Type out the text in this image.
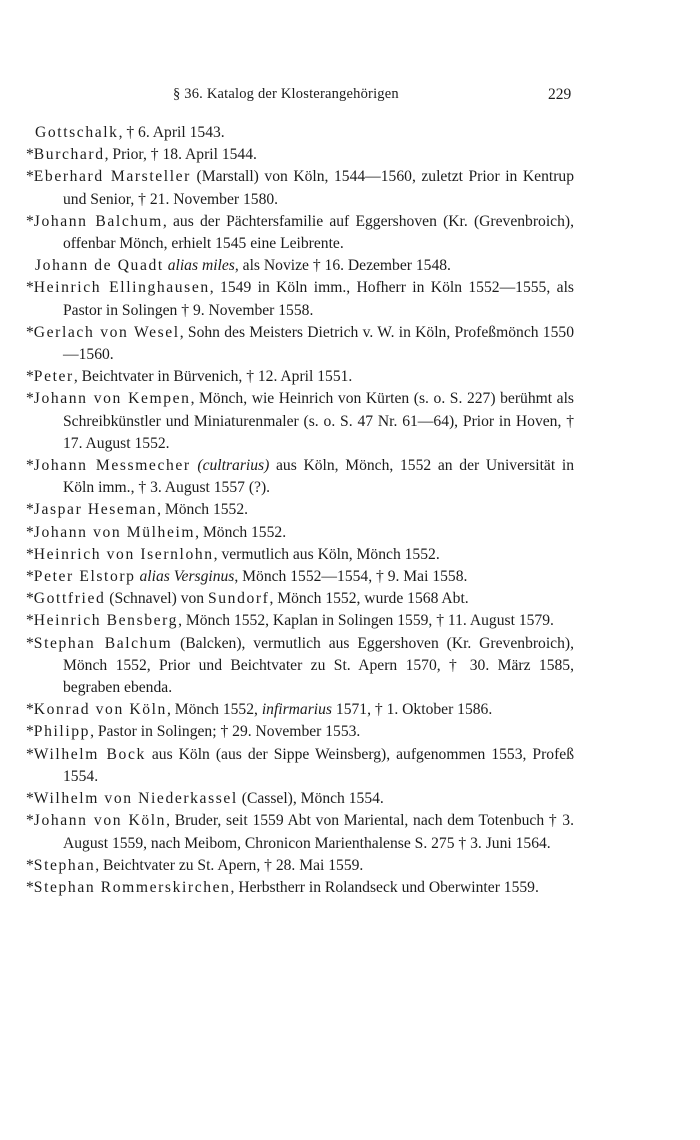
§ 36. Katalog der Klosterangehörigen	229
Gottschalk, † 6. April 1543.
*Burchard, Prior, † 18. April 1544.
*Eberhard Marsteller (Marstall) von Köln, 1544—1560, zuletzt Prior in Kentrup und Senior, † 21. November 1580.
*Johann Balchum, aus der Pächtersfamilie auf Eggershoven (Kr. (Grevenbroich), offenbar Mönch, erhielt 1545 eine Leibrente.
Johann de Quadt alias miles, als Novize † 16. Dezember 1548.
*Heinrich Ellinghausen, 1549 in Köln imm., Hofherr in Köln 1552—1555, als Pastor in Solingen † 9. November 1558.
*Gerlach von Wesel, Sohn des Meisters Dietrich v. W. in Köln, Profeßmönch 1550—1560.
*Peter, Beichtvater in Bürvenich, † 12. April 1551.
*Johann von Kempen, Mönch, wie Heinrich von Kürten (s. o. S. 227) berühmt als Schreibkünstler und Miniaturenmaler (s. o. S. 47 Nr. 61—64), Prior in Hoven, † 17. August 1552.
*Johann Messmecher (cultrarius) aus Köln, Mönch, 1552 an der Universität in Köln imm., † 3. August 1557 (?).
*Jaspar Heseman, Mönch 1552.
*Johann von Mülheim, Mönch 1552.
*Heinrich von Isernlohn, vermutlich aus Köln, Mönch 1552.
*Peter Elstorp alias Versginus, Mönch 1552—1554, † 9. Mai 1558.
*Gottfried (Schnavel) von Sundorf, Mönch 1552, wurde 1568 Abt.
*Heinrich Bensberg, Mönch 1552, Kaplan in Solingen 1559, † 11. August 1579.
*Stephan Balchum (Balcken), vermutlich aus Eggershoven (Kr. Grevenbroich), Mönch 1552, Prior und Beichtvater zu St. Apern 1570, † 30. März 1585, begraben ebenda.
*Konrad von Köln, Mönch 1552, infirmarius 1571, † 1. Oktober 1586.
*Philipp, Pastor in Solingen; † 29. November 1553.
*Wilhelm Bock aus Köln (aus der Sippe Weinsberg), aufgenommen 1553, Profeß 1554.
*Wilhelm von Niederkassel (Cassel), Mönch 1554.
*Johann von Köln, Bruder, seit 1559 Abt von Mariental, nach dem Totenbuch † 3. August 1559, nach Meibom, Chronicon Marienthalense S. 275 † 3. Juni 1564.
*Stephan, Beichtvater zu St. Apern, † 28. Mai 1559.
*Stephan Rommerskirchen, Herbstherr in Rolandseck und Oberwinter 1559.
